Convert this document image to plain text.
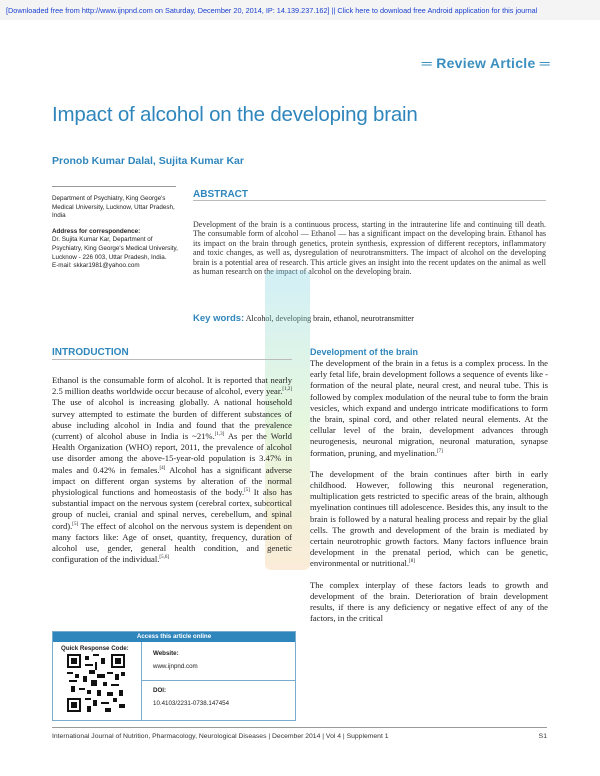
[Downloaded free from http://www.ijnpnd.com on Saturday, December 20, 2014, IP: 14.139.237.162] || Click here to download free Android application for this journal
═ Review Article ═
Impact of alcohol on the developing brain
Pronob Kumar Dalal, Sujita Kumar Kar
Department of Psychiatry, King George's Medical University, Lucknow, Uttar Pradesh, India
Address for correspondence:
Dr. Sujita Kumar Kar, Department of Psychiatry, King George's Medical University, Lucknow - 226 003, Uttar Pradesh, India.
E-mail: skkar1981@yahoo.com
ABSTRACT
Development of the brain is a continuous process, starting in the intrauterine life and continuing till death. The consumable form of alcohol — Ethanol — has a significant impact on the developing brain. Ethanol has its impact on the brain through genetics, protein synthesis, expression of different receptors, inflammatory and toxic changes, as well as, dysregulation of neurotransmitters. The impact of alcohol on the developing brain is a potential area of research. This article gives an insight into the recent updates on the animal as well as human research on the impact of alcohol on the developing brain.
Key words: Alcohol, developing brain, ethanol, neurotransmitter
INTRODUCTION

Ethanol is the consumable form of alcohol. It is reported that nearly 2.5 million deaths worldwide occur because of alcohol, every year.[1,2] The use of alcohol is increasing globally. A national household survey attempted to estimate the burden of different substances of abuse including alcohol in India and found that the prevalence (current) of alcohol abuse in India is ~21%.[1,3] As per the World Health Organization (WHO) report, 2011, the prevalence of alcohol use disorder among the above-15-year-old population is 3.47% in males and 0.42% in females.[4] Alcohol has a significant adverse impact on different organ systems by alteration of the normal physiological functions and homeostasis of the body.[5] It also has substantial impact on the nervous system (cerebral cortex, subcortical group of nuclei, cranial and spinal nerves, cerebellum, and spinal cord).[5] The effect of alcohol on the nervous system is dependent on many factors like: Age of onset, quantity, frequency, duration of alcohol use, gender, general health condition, and genetic configuration of the individual.[5,6]

Access this article online
Quick Response Code:
Website:
www.ijnpnd.com
DOI:
10.4103/2231-0738.147454
Development of the brain

The development of the brain in a fetus is a complex process. In the early fetal life, brain development follows a sequence of events like - formation of the neural plate, neural crest, and neural tube. This is followed by complex modulation of the neural tube to form the brain vesicles, which expand and undergo intricate modifications to form the brain, spinal cord, and other related neural elements. At the cellular level of the brain, development advances through neurogenesis, neuronal migration, neuronal maturation, synapse formation, pruning, and myelination.[7]

The development of the brain continues after birth in early childhood. However, following this neuronal regeneration, multiplication gets restricted to specific areas of the brain, although myelination continues till adolescence. Besides this, any insult to the brain is followed by a natural healing process and repair by the glial cells. The growth and development of the brain is mediated by certain neurotrophic growth factors. Many factors influence brain development in the prenatal period, which can be genetic, environmental or nutritional.[8]

The complex interplay of these factors leads to growth and development of the brain. Deterioration of brain development results, if there is any deficiency or negative effect of any of the factors, in the critical

International Journal of Nutrition, Pharmacology, Neurological Diseases | December 2014 | Vol 4 | Supplement 1	S1
